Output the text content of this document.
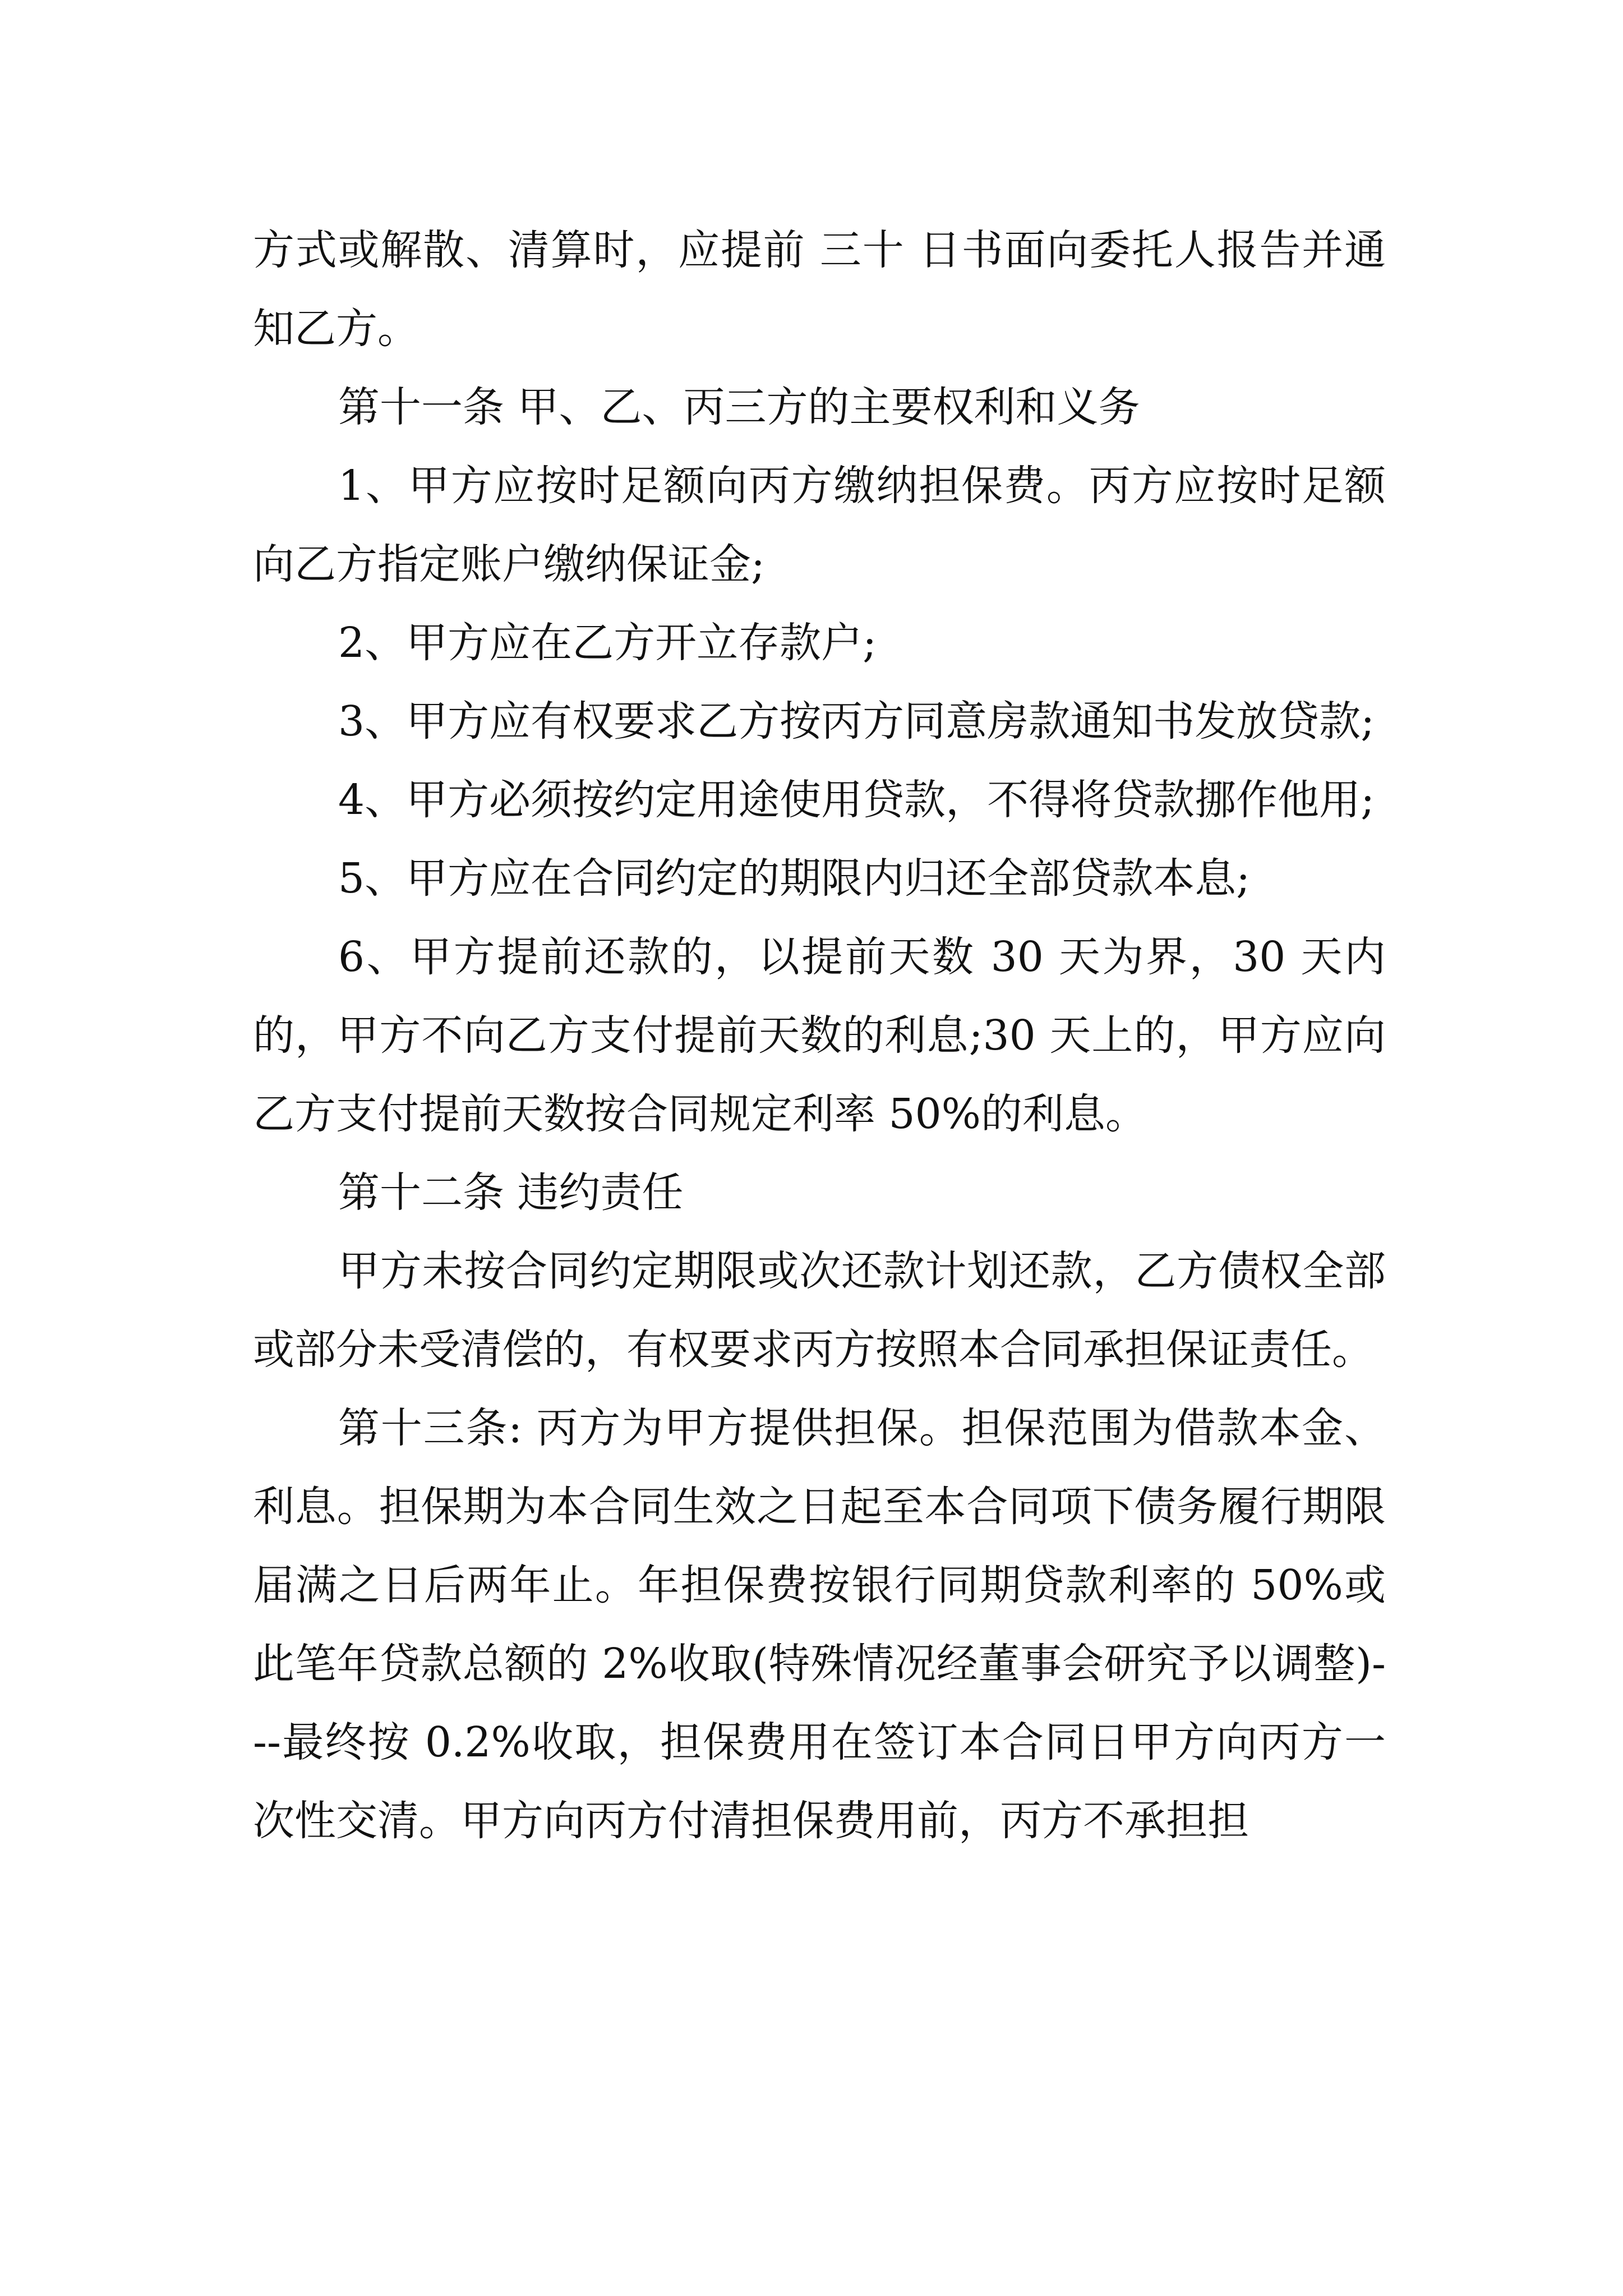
方式或解散、清算时，应提前 三十 日书面向委托人报告并通知乙方。

第十一条 甲、乙、丙三方的主要权利和义务

1、甲方应按时足额向丙方缴纳担保费。丙方应按时足额向乙方指定账户缴纳保证金;

2、甲方应在乙方开立存款户;

3、甲方应有权要求乙方按丙方同意房款通知书发放贷款;

4、甲方必须按约定用途使用贷款，不得将贷款挪作他用;

5、甲方应在合同约定的期限内归还全部贷款本息;

6、甲方提前还款的，以提前天数 30 天为界，30 天内的，甲方不向乙方支付提前天数的利息;30 天上的，甲方应向乙方支付提前天数按合同规定利率 50%的利息。

第十二条 违约责任

甲方未按合同约定期限或次还款计划还款，乙方债权全部或部分未受清偿的，有权要求丙方按照本合同承担保证责任。

第十三条: 丙方为甲方提供担保。担保范围为借款本金、利息。担保期为本合同生效之日起至本合同项下债务履行期限届满之日后两年止。年担保费按银行同期贷款利率的 50%或此笔年贷款总额的 2%收取(特殊情况经董事会研究予以调整)---最终按 0.2%收取，担保费用在签订本合同日甲方向丙方一次性交清。甲方向丙方付清担保费用前，丙方不承担担
